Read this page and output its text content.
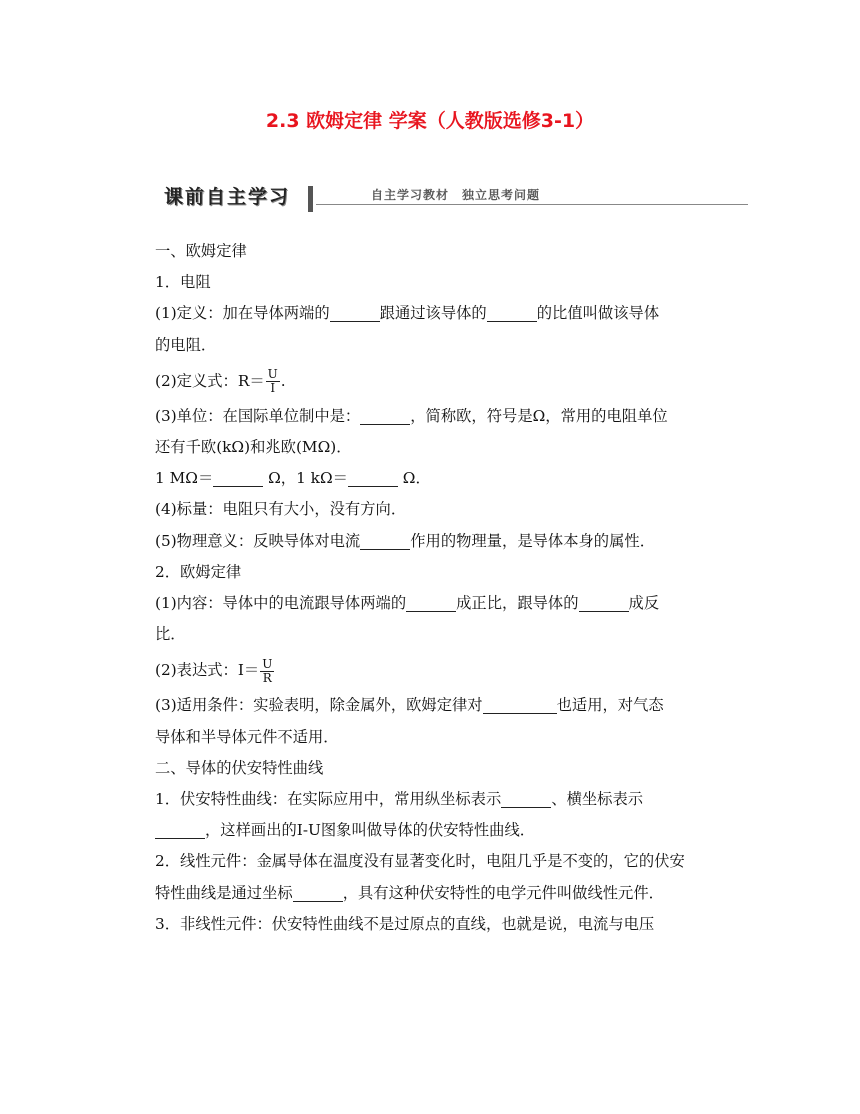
2.3 欧姆定律 学案（人教版选修3-1）
课前自主学习	自主学习教材　独立思考问题

一、欧姆定律

1．电阻

(1)定义：加在导体两端的	跟通过该导体的	的比值叫做该导体

的电阻．

(2)定义式：$R= \frac{U}{I}$ .

(3)单位：在国际单位制中是：	，简称欧，符号是Ω，常用的电阻单位

还有千欧(kΩ)和兆欧(MΩ)．

1 MΩ＝	Ω，1 kΩ＝	Ω．

(4)标量：电阻只有大小，没有方向．

(5)物理意义：反映导体对电流	作用的物理量，是导体本身的属性．

2．欧姆定律

(1)内容：导体中的电流跟导体两端的	成正比，跟导体的	成反

比．

(2)表达式：$I= \frac{U}{R}$

(3)适用条件：实验表明，除金属外，欧姆定律对	也适用，对气态

导体和半导体元件不适用．

二、导体的伏安特性曲线

1．伏安特性曲线：在实际应用中，常用纵坐标表示	、横坐标表示

，这样画出的I-U图象叫做导体的伏安特性曲线．

2．线性元件：金属导体在温度没有显著变化时，电阻几乎是不变的，它的伏安

特性曲线是通过坐标	，具有这种伏安特性的电学元件叫做线性元件．

3．非线性元件：伏安特性曲线不是过原点的直线，也就是说，电流与电压
